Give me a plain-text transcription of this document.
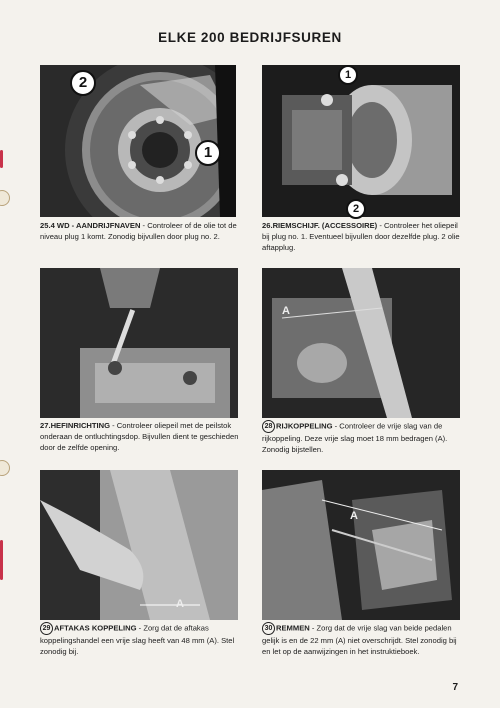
ELKE 200 BEDRIJFSUREN
2
1
25.4 WD - AANDRIJFNAVEN - Controleer of de olie tot de niveau plug 1 komt. Zonodig bijvullen door plug no. 2.
1
2
26.RIEMSCHIJF. (ACCESSOIRE) - Controleer het oliepeil bij plug no. 1. Eventueel bijvullen door dezelfde plug. 2 olie aftapplug.
27.HEFINRICHTING - Controleer oliepeil met de peilstok onderaan de ontluchtingsdop. Bijvullen dient te geschieden door de zelfde opening.
A
28 RIJKOPPELING - Controleer de vrije slag van de rijkoppeling. Deze vrije slag moet 18 mm bedragen (A). Zonodig bijstellen.
A
29 AFTAKAS KOPPELING - Zorg dat de aftakas koppelingshandel een vrije slag heeft van 48 mm (A). Stel zonodig bij.
A
30 REMMEN - Zorg dat de vrije slag van beide pedalen gelijk is en de 22 mm (A) niet overschrijdt. Stel zonodig bij en let op de aanwijzingen in het instruktieboek.
7
